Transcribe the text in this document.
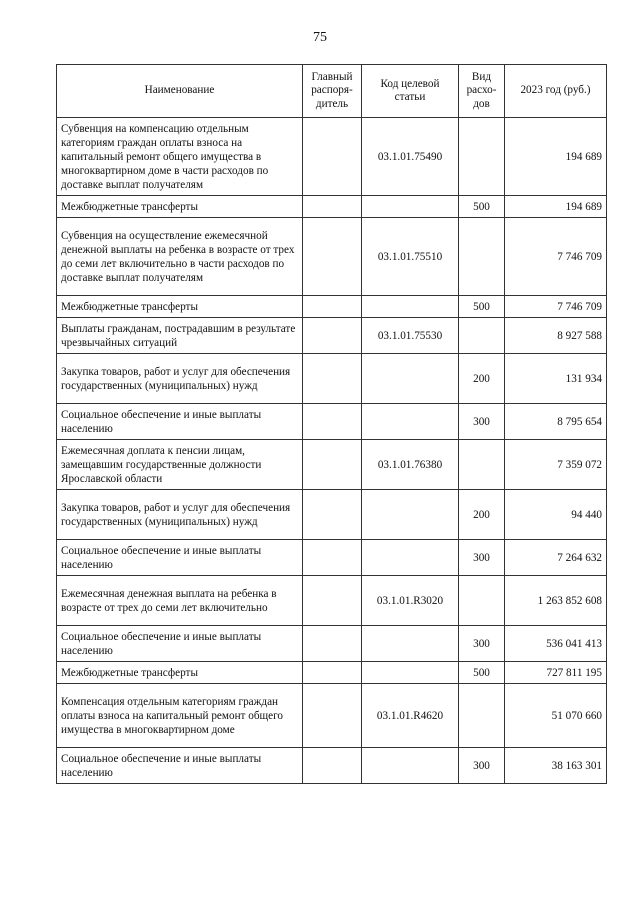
75
Наименование	Главный распоря-дитель	Код целевой статьи	Вид расхо-дов	2023 год (руб.)
Субвенция на компенсацию отдельным категориям граждан оплаты взноса на капитальный ремонт общего имущества в многоквартирном доме в части расходов по доставке выплат получателям		03.1.01.75490		194 689
Межбюджетные трансферты			500	194 689
Субвенция на осуществление ежемесячной денежной выплаты на ребенка в возрасте от трех до семи лет включительно в части расходов по доставке выплат получателям		03.1.01.75510		7 746 709
Межбюджетные трансферты			500	7 746 709
Выплаты гражданам, пострадавшим в результате чрезвычайных ситуаций		03.1.01.75530		8 927 588
Закупка товаров, работ и услуг для обеспечения государственных (муниципальных) нужд			200	131 934
Социальное обеспечение и иные выплаты населению			300	8 795 654
Ежемесячная доплата к пенсии лицам, замещавшим государственные должности Ярославской области		03.1.01.76380		7 359 072
Закупка товаров, работ и услуг для обеспечения государственных (муниципальных) нужд			200	94 440
Социальное обеспечение и иные выплаты населению			300	7 264 632
Ежемесячная денежная выплата на ребенка в возрасте от трех до семи лет включительно		03.1.01.R3020		1 263 852 608
Социальное обеспечение и иные выплаты населению			300	536 041 413
Межбюджетные трансферты			500	727 811 195
Компенсация отдельным категориям граждан оплаты взноса на капитальный ремонт общего имущества в многоквартирном доме		03.1.01.R4620		51 070 660
Социальное обеспечение и иные выплаты населению			300	38 163 301
